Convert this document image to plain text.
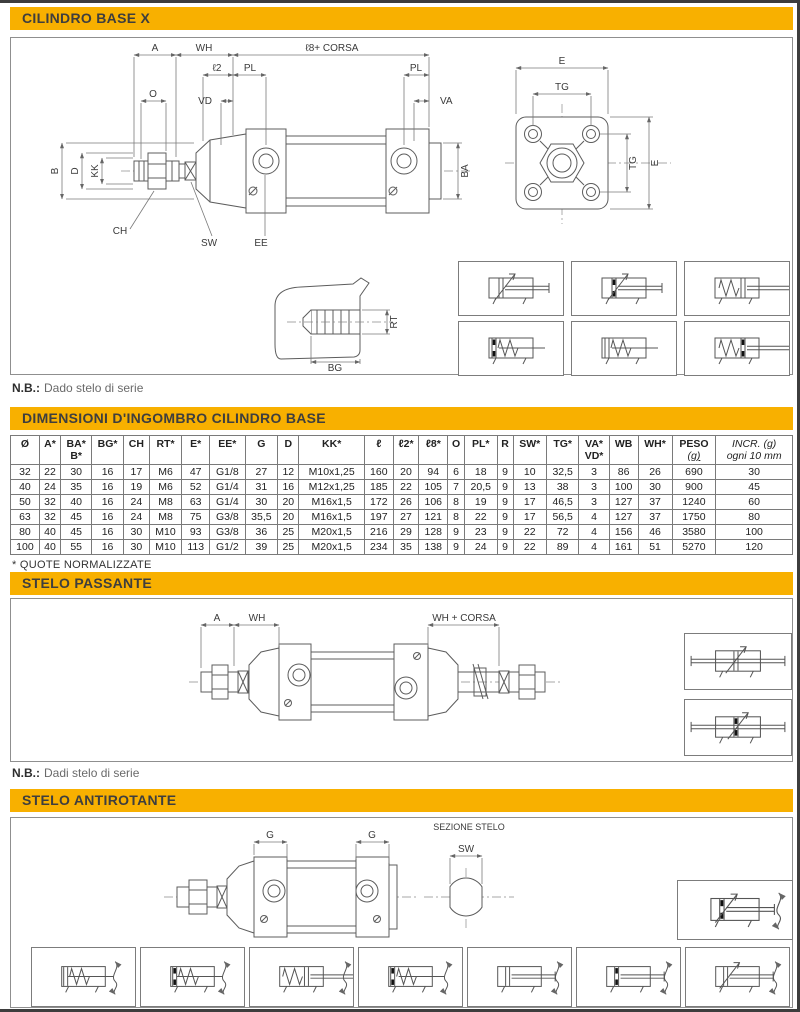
CILINDRO BASE X
A	WH	ℓ8+ CORSA
ℓ2 PL	PL
VA
O
VD
B D KK	BA
CH
SW	EE
E
TG
TG E
RT
BG
N.B.: Dado stelo di serie
DIMENSIONI D'INGOMBRO CILINDRO BASE
Ø	A*	BA*
B*

BG*	CH	RT*	E*	EE*	G	D	KK*	ℓ	ℓ2*	ℓ8*	O	PL*	R	SW*	TG*	VA*
VD*

WB	WH*	PESO
(g)

INCR. (g)
ogni 10 mm

32	22	30	16	17	M6	47	G1/8	27	12	M10x1,25	160	20	94	6	18	9	10	32,5	3	86	26	690	30
40	24	35	16	19	M6	52	G1/4	31	16	M12x1,25	185	22	105	7	20,5	9	13	38	3	100	30	900	45
50	32	40	16	24	M8	63	G1/4	30	20	M16x1,5	172	26	106	8	19	9	17	46,5	3	127	37	1240	60
63	32	45	16	24	M8	75	G3/8	35,5	20	M16x1,5	197	27	121	8	22	9	17	56,5	4	127	37	1750	80
80	40	45	16	30	M10	93	G3/8	36	25	M20x1,5	216	29	128	9	23	9	22	72	4	156	46	3580	100
100	40	55	16	30	M10	113	G1/2	39	25	M20x1,5	234	35	138	9	24	9	22	89	4	161	51	5270	120
* QUOTE NORMALIZZATE
STELO PASSANTE
A	WH	WH + CORSA
N.B.: Dadi stelo di serie
STELO ANTIROTANTE
G	G
SEZIONE STELO
SW
